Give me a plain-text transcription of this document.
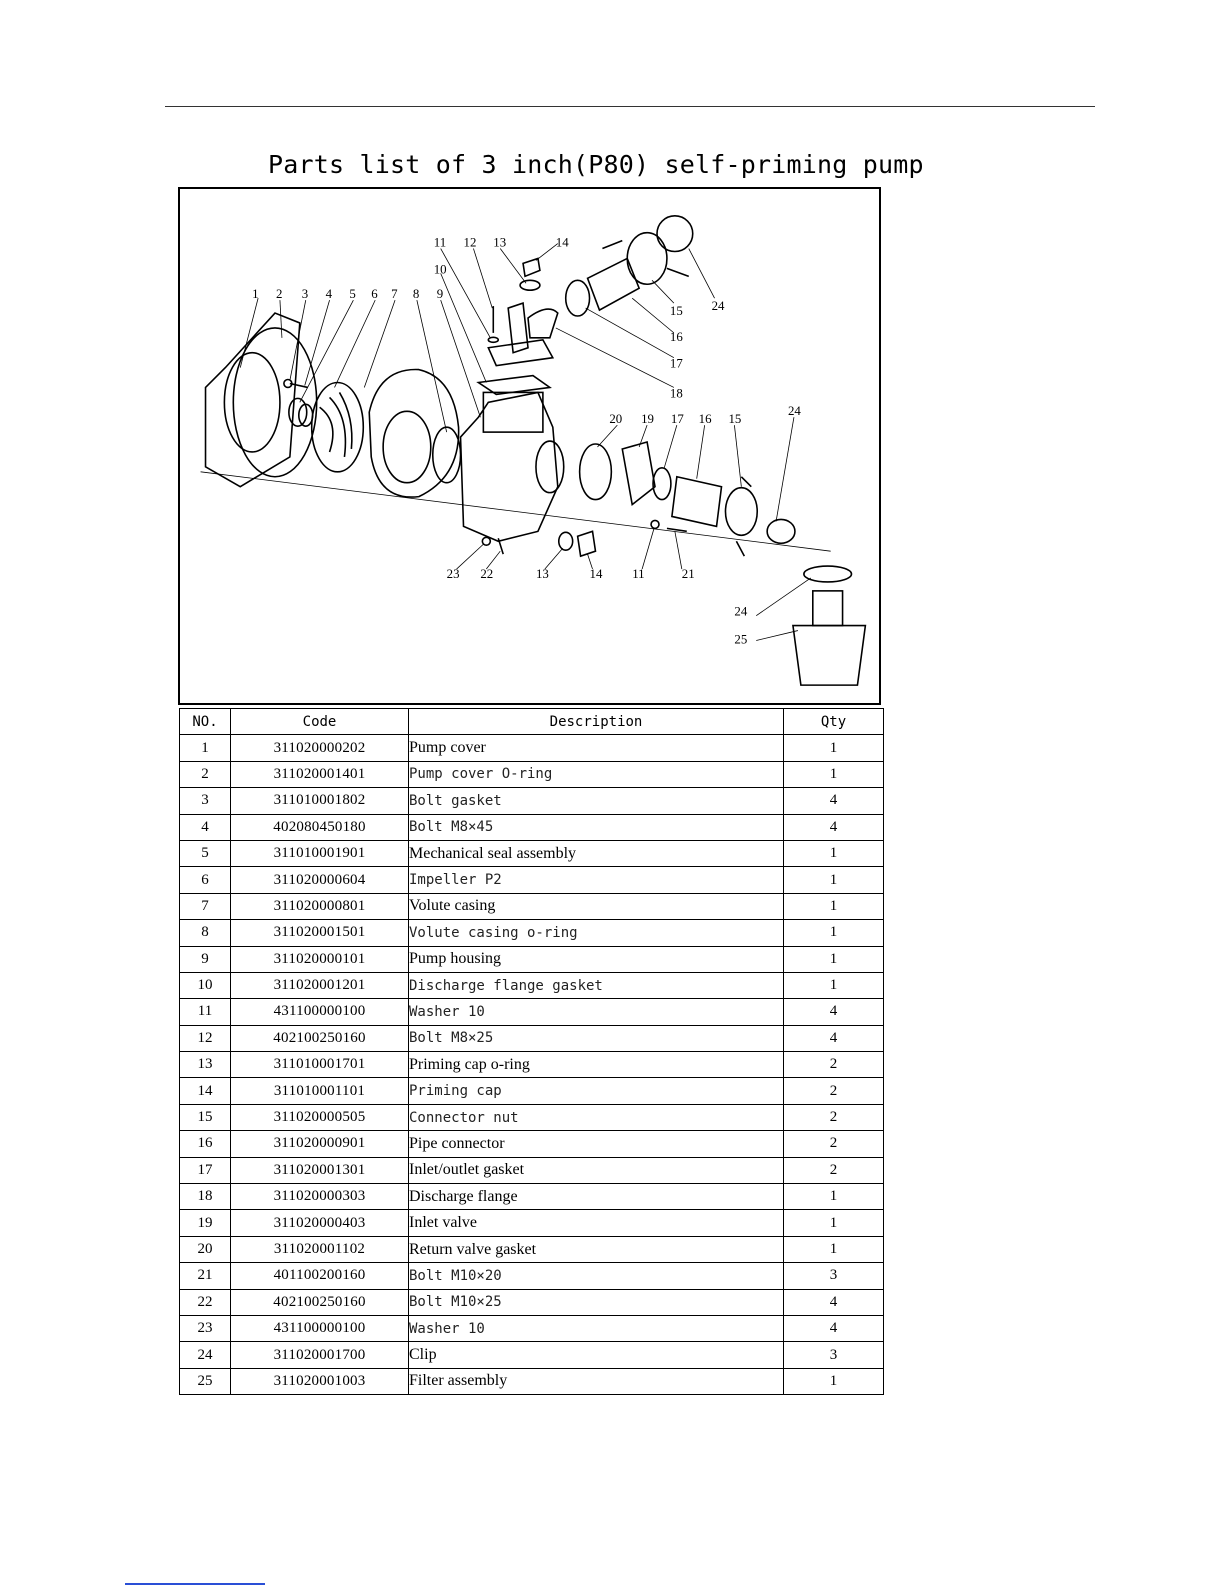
Parts list of 3 inch(P80) self-priming pump
1 2 3 4 5 6 7 8 9
10
11 12 13	14
15
16
17
18
24
20 19 17 16 15
24
23 22	13	14 11	21
24
25
NO.	Code	Description	Qty
1	311020000202	Pump cover	1
2	311020001401	Pump cover O-ring	1
3	311010001802	Bolt gasket	4
4	402080450180	Bolt M8×45	4
5	311010001901	Mechanical seal assembly	1
6	311020000604	Impeller P2	1
7	311020000801	Volute casing	1
8	311020001501	Volute casing o-ring	1
9	311020000101	Pump housing	1
10	311020001201	Discharge flange gasket	1
11	431100000100	Washer 10	4
12	402100250160	Bolt M8×25	4
13	311010001701	Priming cap o-ring	2
14	311010001101	Priming cap	2
15	311020000505	Connector nut	2
16	311020000901	Pipe connector	2
17	311020001301	Inlet/outlet gasket	2
18	311020000303	Discharge flange	1
19	311020000403	Inlet valve	1
20	311020001102	Return valve gasket	1
21	401100200160	Bolt M10×20	3
22	402100250160	Bolt M10×25	4
23	431100000100	Washer 10	4
24	311020001700	Clip	3
25	311020001003	Filter assembly	1
